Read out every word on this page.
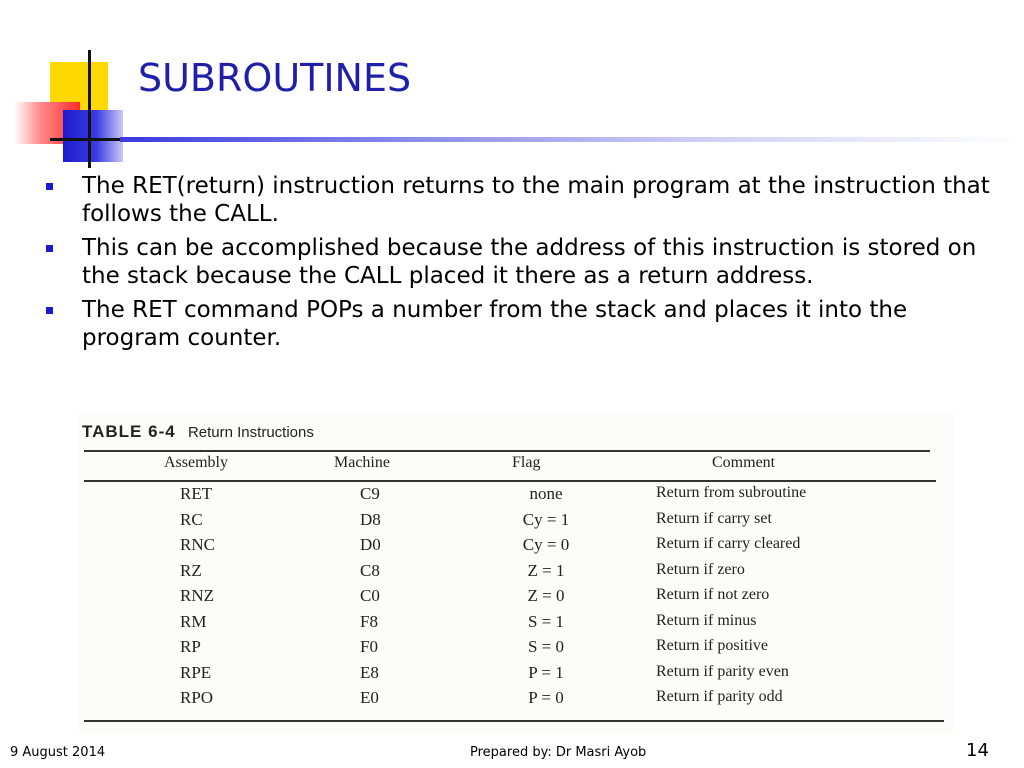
SUBROUTINES
The RET(return) instruction returns to the main program at the instruction that follows the CALL.
This can be accomplished because the address of this instruction is stored on the stack because the CALL placed it there as a return address.
The RET command POPs a number from the stack and places it into the program counter.
TABLE 6-4 Return Instructions
Assembly	Machine	Flag	Comment
RET	C9	none	Return from subroutine
RC	D8	Cy = 1	Return if carry set
RNC	D0	Cy = 0	Return if carry cleared
RZ	C8	Z = 1	Return if zero
RNZ	C0	Z = 0	Return if not zero
RM	F8	S = 1	Return if minus
RP	F0	S = 0	Return if positive
RPE	E8	P = 1	Return if parity even
RPO	E0	P = 0	Return if parity odd
9 August 2014	Prepared by: Dr Masri Ayob	14
